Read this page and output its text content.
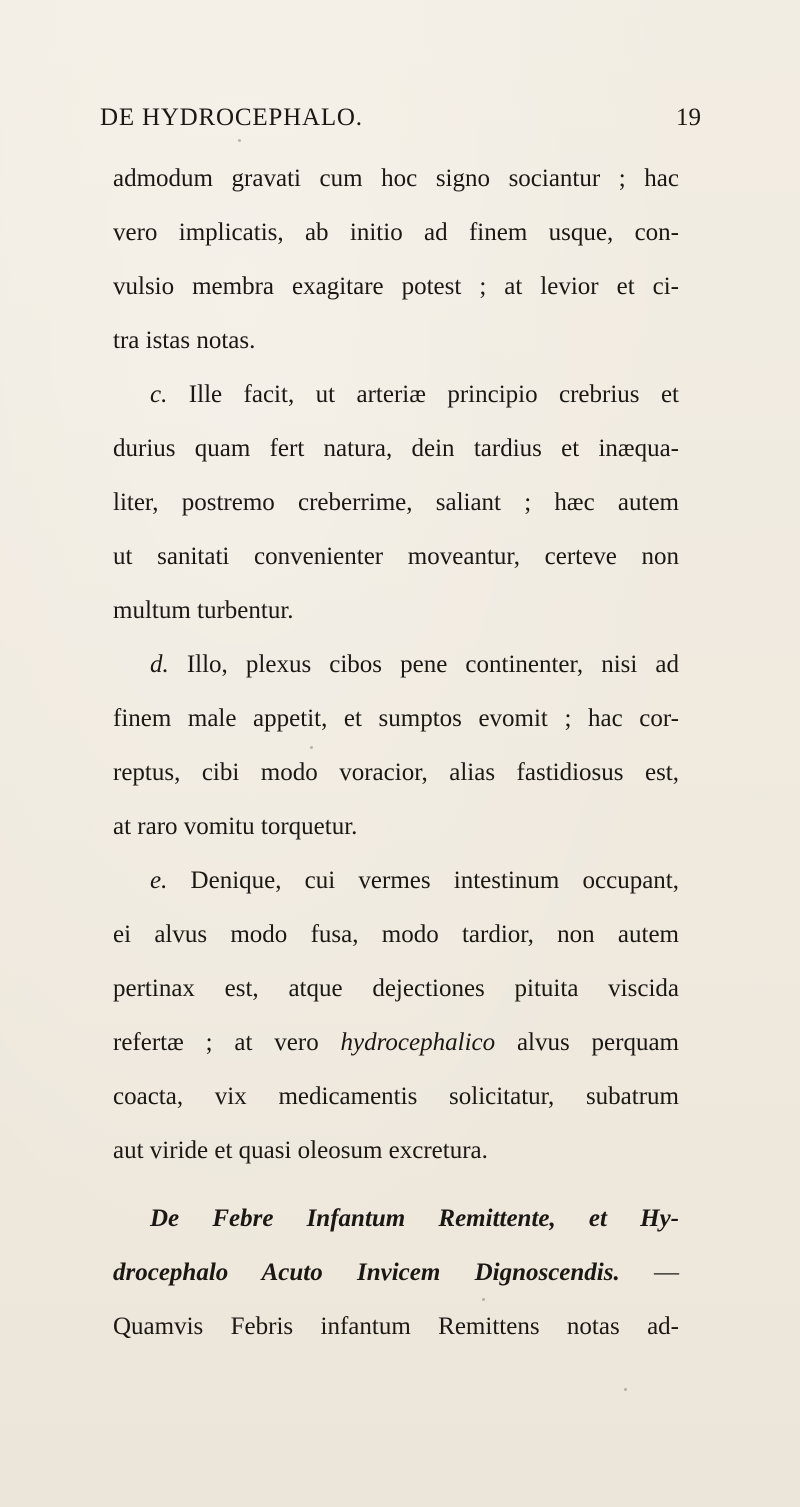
DE HYDROCEPHALO.	19
admodum gravati cum hoc signo sociantur ; hac
vero implicatis, ab initio ad finem usque, con-
vulsio membra exagitare potest ; at levior et ci-
tra istas notas.
c. Ille facit, ut arteriæ principio crebrius et
durius quam fert natura, dein tardius et inæqua-
liter, postremo creberrime, saliant ; hæc autem
ut sanitati convenienter moveantur, certeve non
multum turbentur.
d. Illo, plexus cibos pene continenter, nisi ad
finem male appetit, et sumptos evomit ; hac cor-
reptus, cibi modo voracior, alias fastidiosus est,
at raro vomitu torquetur.
e. Denique, cui vermes intestinum occupant,
ei alvus modo fusa, modo tardior, non autem
pertinax est, atque dejectiones pituita viscida
refertæ ; at vero hydrocephalico alvus perquam
coacta, vix medicamentis solicitatur, subatrum
aut viride et quasi oleosum excretura.
De Febre Infantum Remittente, et Hy-
drocephalo Acuto Invicem Dignoscendis. —
Quamvis Febris infantum Remittens notas ad-
